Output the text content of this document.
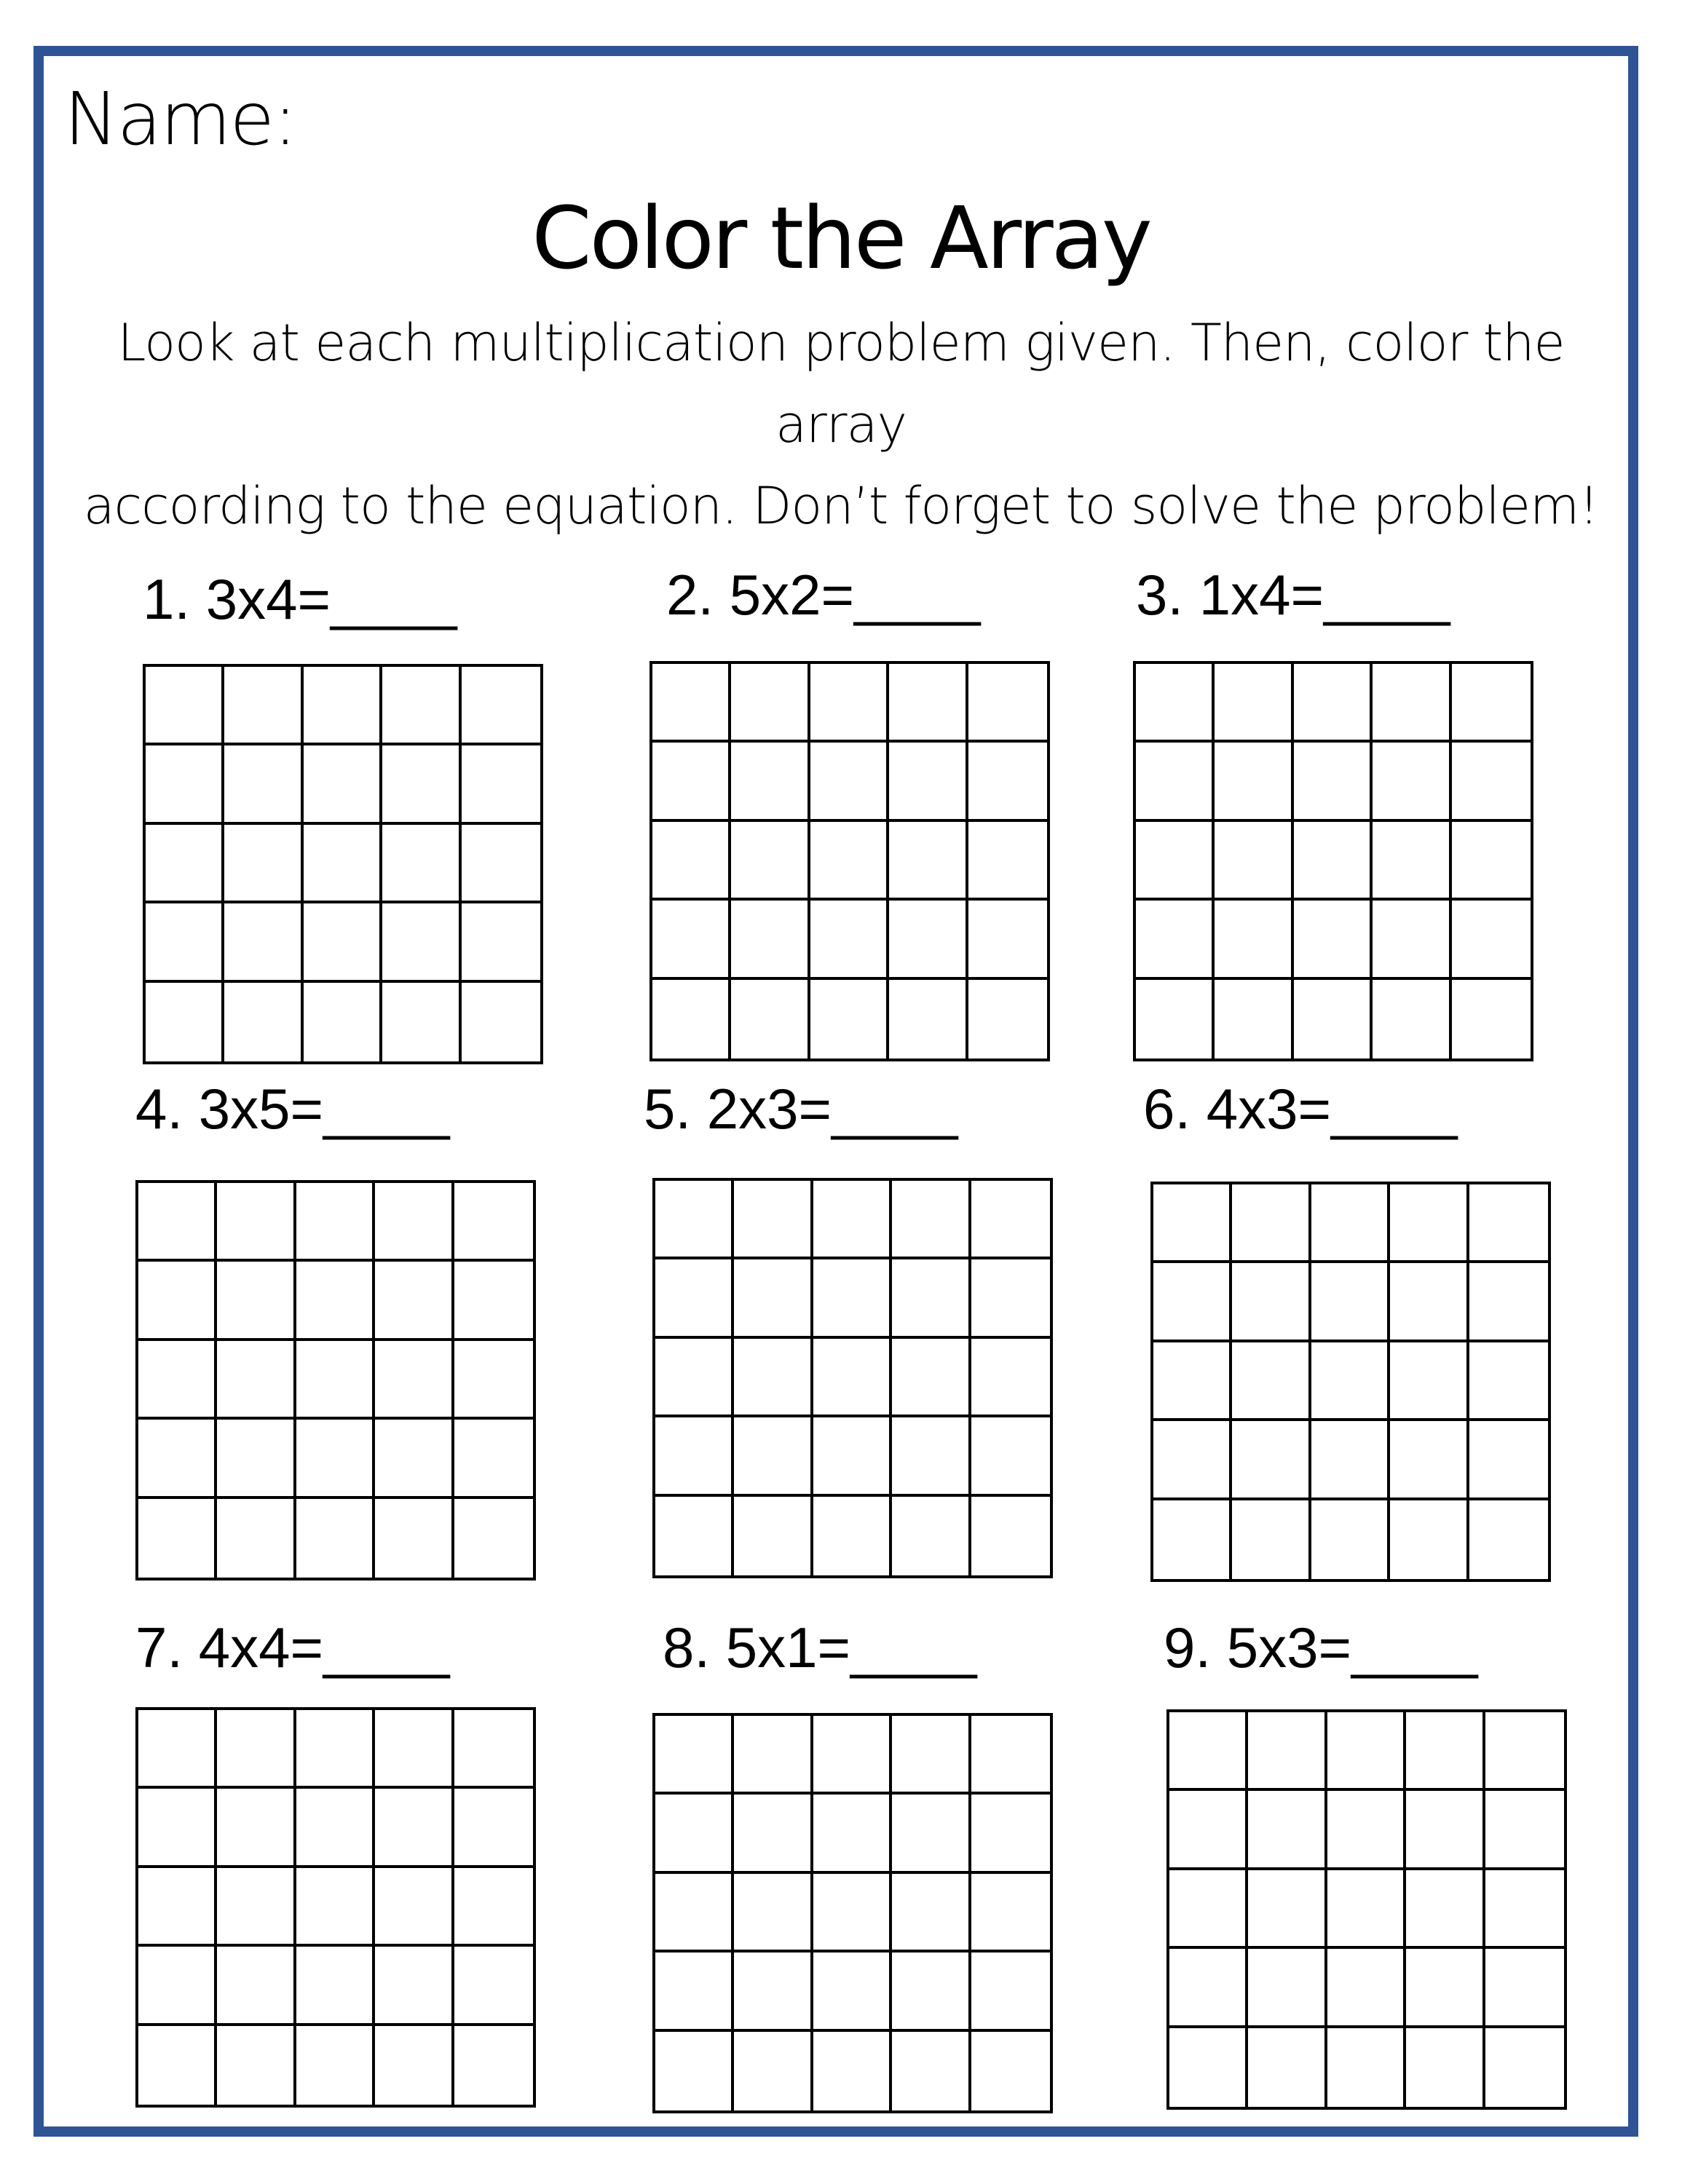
Name:
Color the Array
Look at each multiplication problem given. Then, color the array
according to the equation. Don’t forget to solve the problem!
1. 3x4=____	2. 5x2=____	3. 1x4=____
4. 3x5=____	5. 2x3=____	6. 4x3=____
7. 4x4=____	8. 5x1=____	9. 5x3=____
